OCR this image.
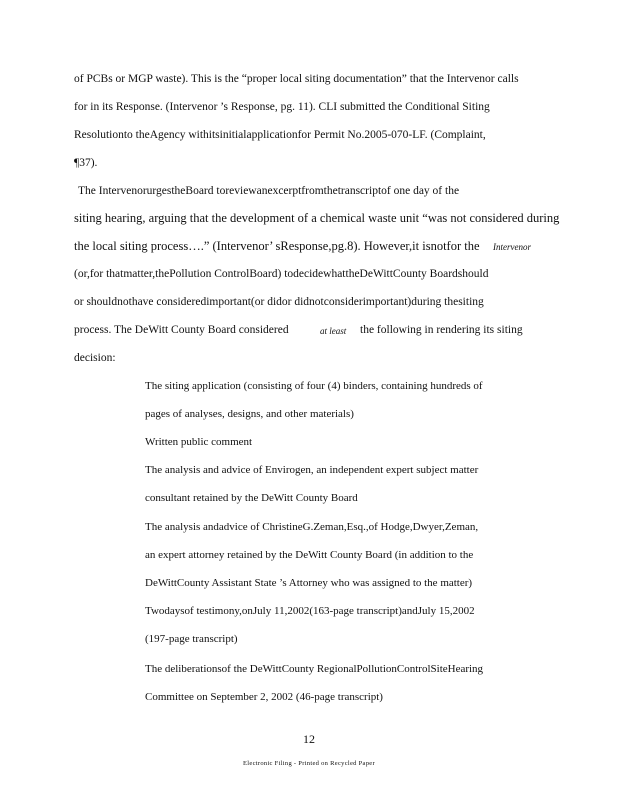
of PCBs or MGP waste). This is the “proper local siting documentation” that the Intervenor calls
for in its Response. (Intervenor ’s Response, pg. 11). CLI submitted the Conditional Siting
Resolutionto theAgency withitsinitialapplicationfor Permit No.2005-070-LF. (Complaint,
¶37).
The IntervenorurgestheBoard toreviewanexcerptfromthetranscriptof one day of the
siting hearing, arguing that the development of a chemical waste unit “was not considered during
the local siting process….” (Intervenor’ sResponse,pg.8). However,it isnotfor the Intervenor
(or,for thatmatter,thePollution ControlBoard) todecidewhattheDeWittCounty Boardshould
or shouldnothave consideredimportant(or didor didnotconsiderimportant)during thesiting
process. The DeWitt County Board considered	at least the following in rendering its siting
decision:
The siting application (consisting of four (4) binders, containing hundreds of
pages of analyses, designs, and other materials)
Written public comment
The analysis and advice of Envirogen, an independent expert subject matter
consultant retained by the DeWitt County Board
The analysis andadvice of ChristineG.Zeman,Esq.,of Hodge,Dwyer,Zeman,
an expert attorney retained by the DeWitt County Board (in addition to the
DeWittCounty Assistant State ’s Attorney who was assigned to the matter)
Twodaysof testimony,onJuly 11,2002(163-page transcript)andJuly 15,2002
(197-page transcript)
The deliberationsof the DeWittCounty RegionalPollutionControlSiteHearing
Committee on September 2, 2002 (46-page transcript)
12
Electronic Filing - Printed on Recycled Paper
